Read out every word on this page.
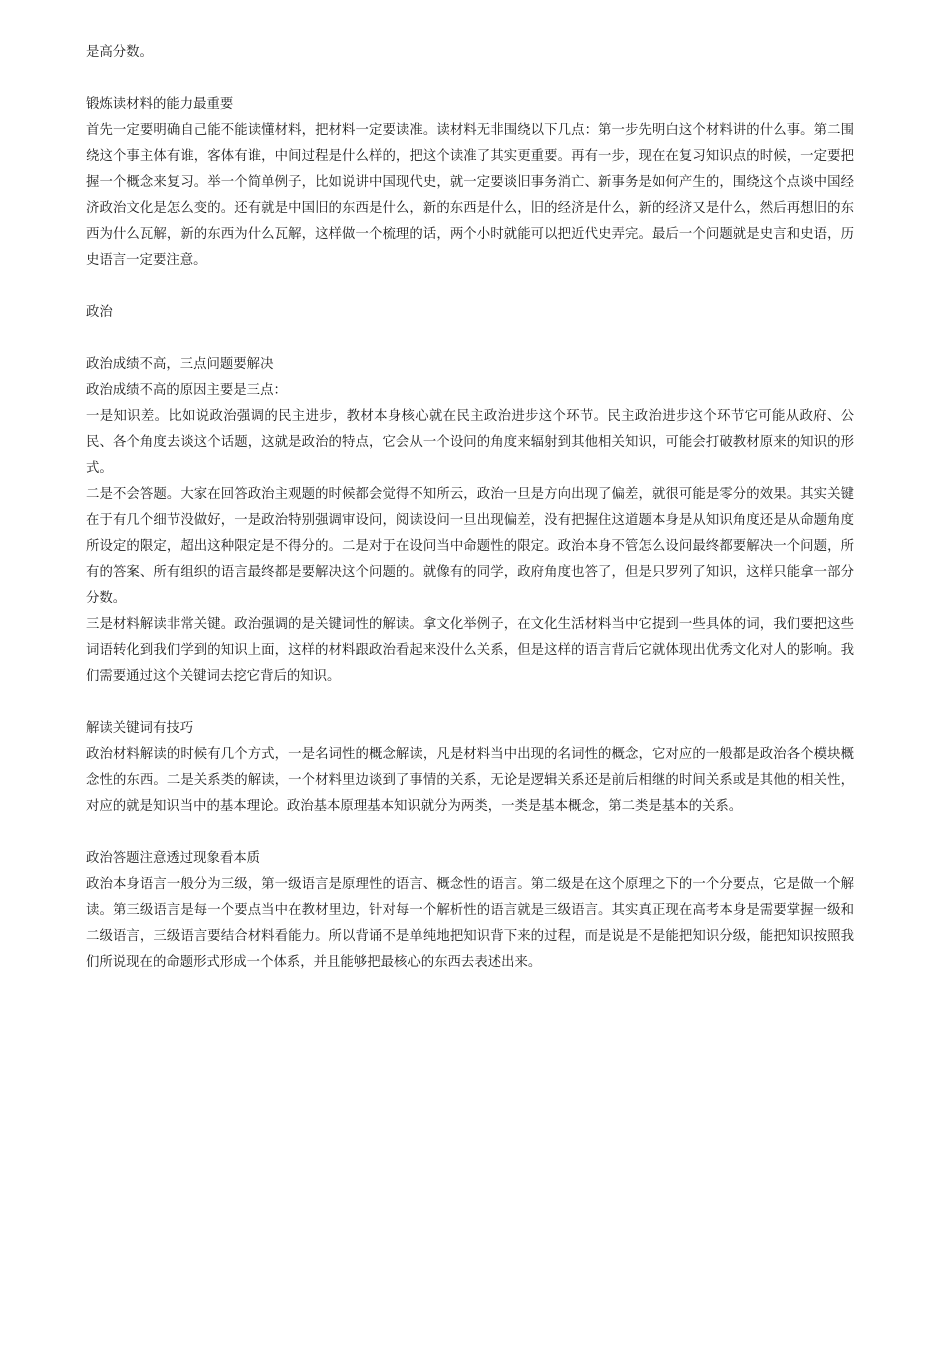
是高分数。

锻炼读材料的能力最重要

首先一定要明确自己能不能读懂材料，把材料一定要读准。读材料无非围绕以下几点：第一步先明白这个材料讲的什么事。第二围绕这个事主体有谁，客体有谁，中间过程是什么样的，把这个读准了其实更重要。再有一步，现在在复习知识点的时候，一定要把握一个概念来复习。举一个简单例子，比如说讲中国现代史，就一定要谈旧事务消亡、新事务是如何产生的，围绕这个点谈中国经济政治文化是怎么变的。还有就是中国旧的东西是什么，新的东西是什么，旧的经济是什么，新的经济又是什么，然后再想旧的东西为什么瓦解，新的东西为什么瓦解，这样做一个梳理的话，两个小时就能可以把近代史弄完。最后一个问题就是史言和史语，历史语言一定要注意。

政治

政治成绩不高，三点问题要解决

政治成绩不高的原因主要是三点：

一是知识差。比如说政治强调的民主进步，教材本身核心就在民主政治进步这个环节。民主政治进步这个环节它可能从政府、公民、各个角度去谈这个话题，这就是政治的特点，它会从一个设问的角度来辐射到其他相关知识，可能会打破教材原来的知识的形式。

二是不会答题。大家在回答政治主观题的时候都会觉得不知所云，政治一旦是方向出现了偏差，就很可能是零分的效果。其实关键在于有几个细节没做好，一是政治特别强调审设问，阅读设问一旦出现偏差，没有把握住这道题本身是从知识角度还是从命题角度所设定的限定，超出这种限定是不得分的。二是对于在设问当中命题性的限定。政治本身不管怎么设问最终都要解决一个问题，所有的答案、所有组织的语言最终都是要解决这个问题的。就像有的同学，政府角度也答了，但是只罗列了知识，这样只能拿一部分分数。

三是材料解读非常关键。政治强调的是关键词性的解读。拿文化举例子，在文化生活材料当中它提到一些具体的词，我们要把这些词语转化到我们学到的知识上面，这样的材料跟政治看起来没什么关系，但是这样的语言背后它就体现出优秀文化对人的影响。我们需要通过这个关键词去挖它背后的知识。

解读关键词有技巧

政治材料解读的时候有几个方式，一是名词性的概念解读，凡是材料当中出现的名词性的概念，它对应的一般都是政治各个模块概念性的东西。二是关系类的解读，一个材料里边谈到了事情的关系，无论是逻辑关系还是前后相继的时间关系或是其他的相关性，对应的就是知识当中的基本理论。政治基本原理基本知识就分为两类，一类是基本概念，第二类是基本的关系。

政治答题注意透过现象看本质

政治本身语言一般分为三级，第一级语言是原理性的语言、概念性的语言。第二级是在这个原理之下的一个分要点，它是做一个解读。第三级语言是每一个要点当中在教材里边，针对每一个解析性的语言就是三级语言。其实真正现在高考本身是需要掌握一级和二级语言，三级语言要结合材料看能力。所以背诵不是单纯地把知识背下来的过程，而是说是不是能把知识分级，能把知识按照我们所说现在的命题形式形成一个体系，并且能够把最核心的东西去表述出来。
